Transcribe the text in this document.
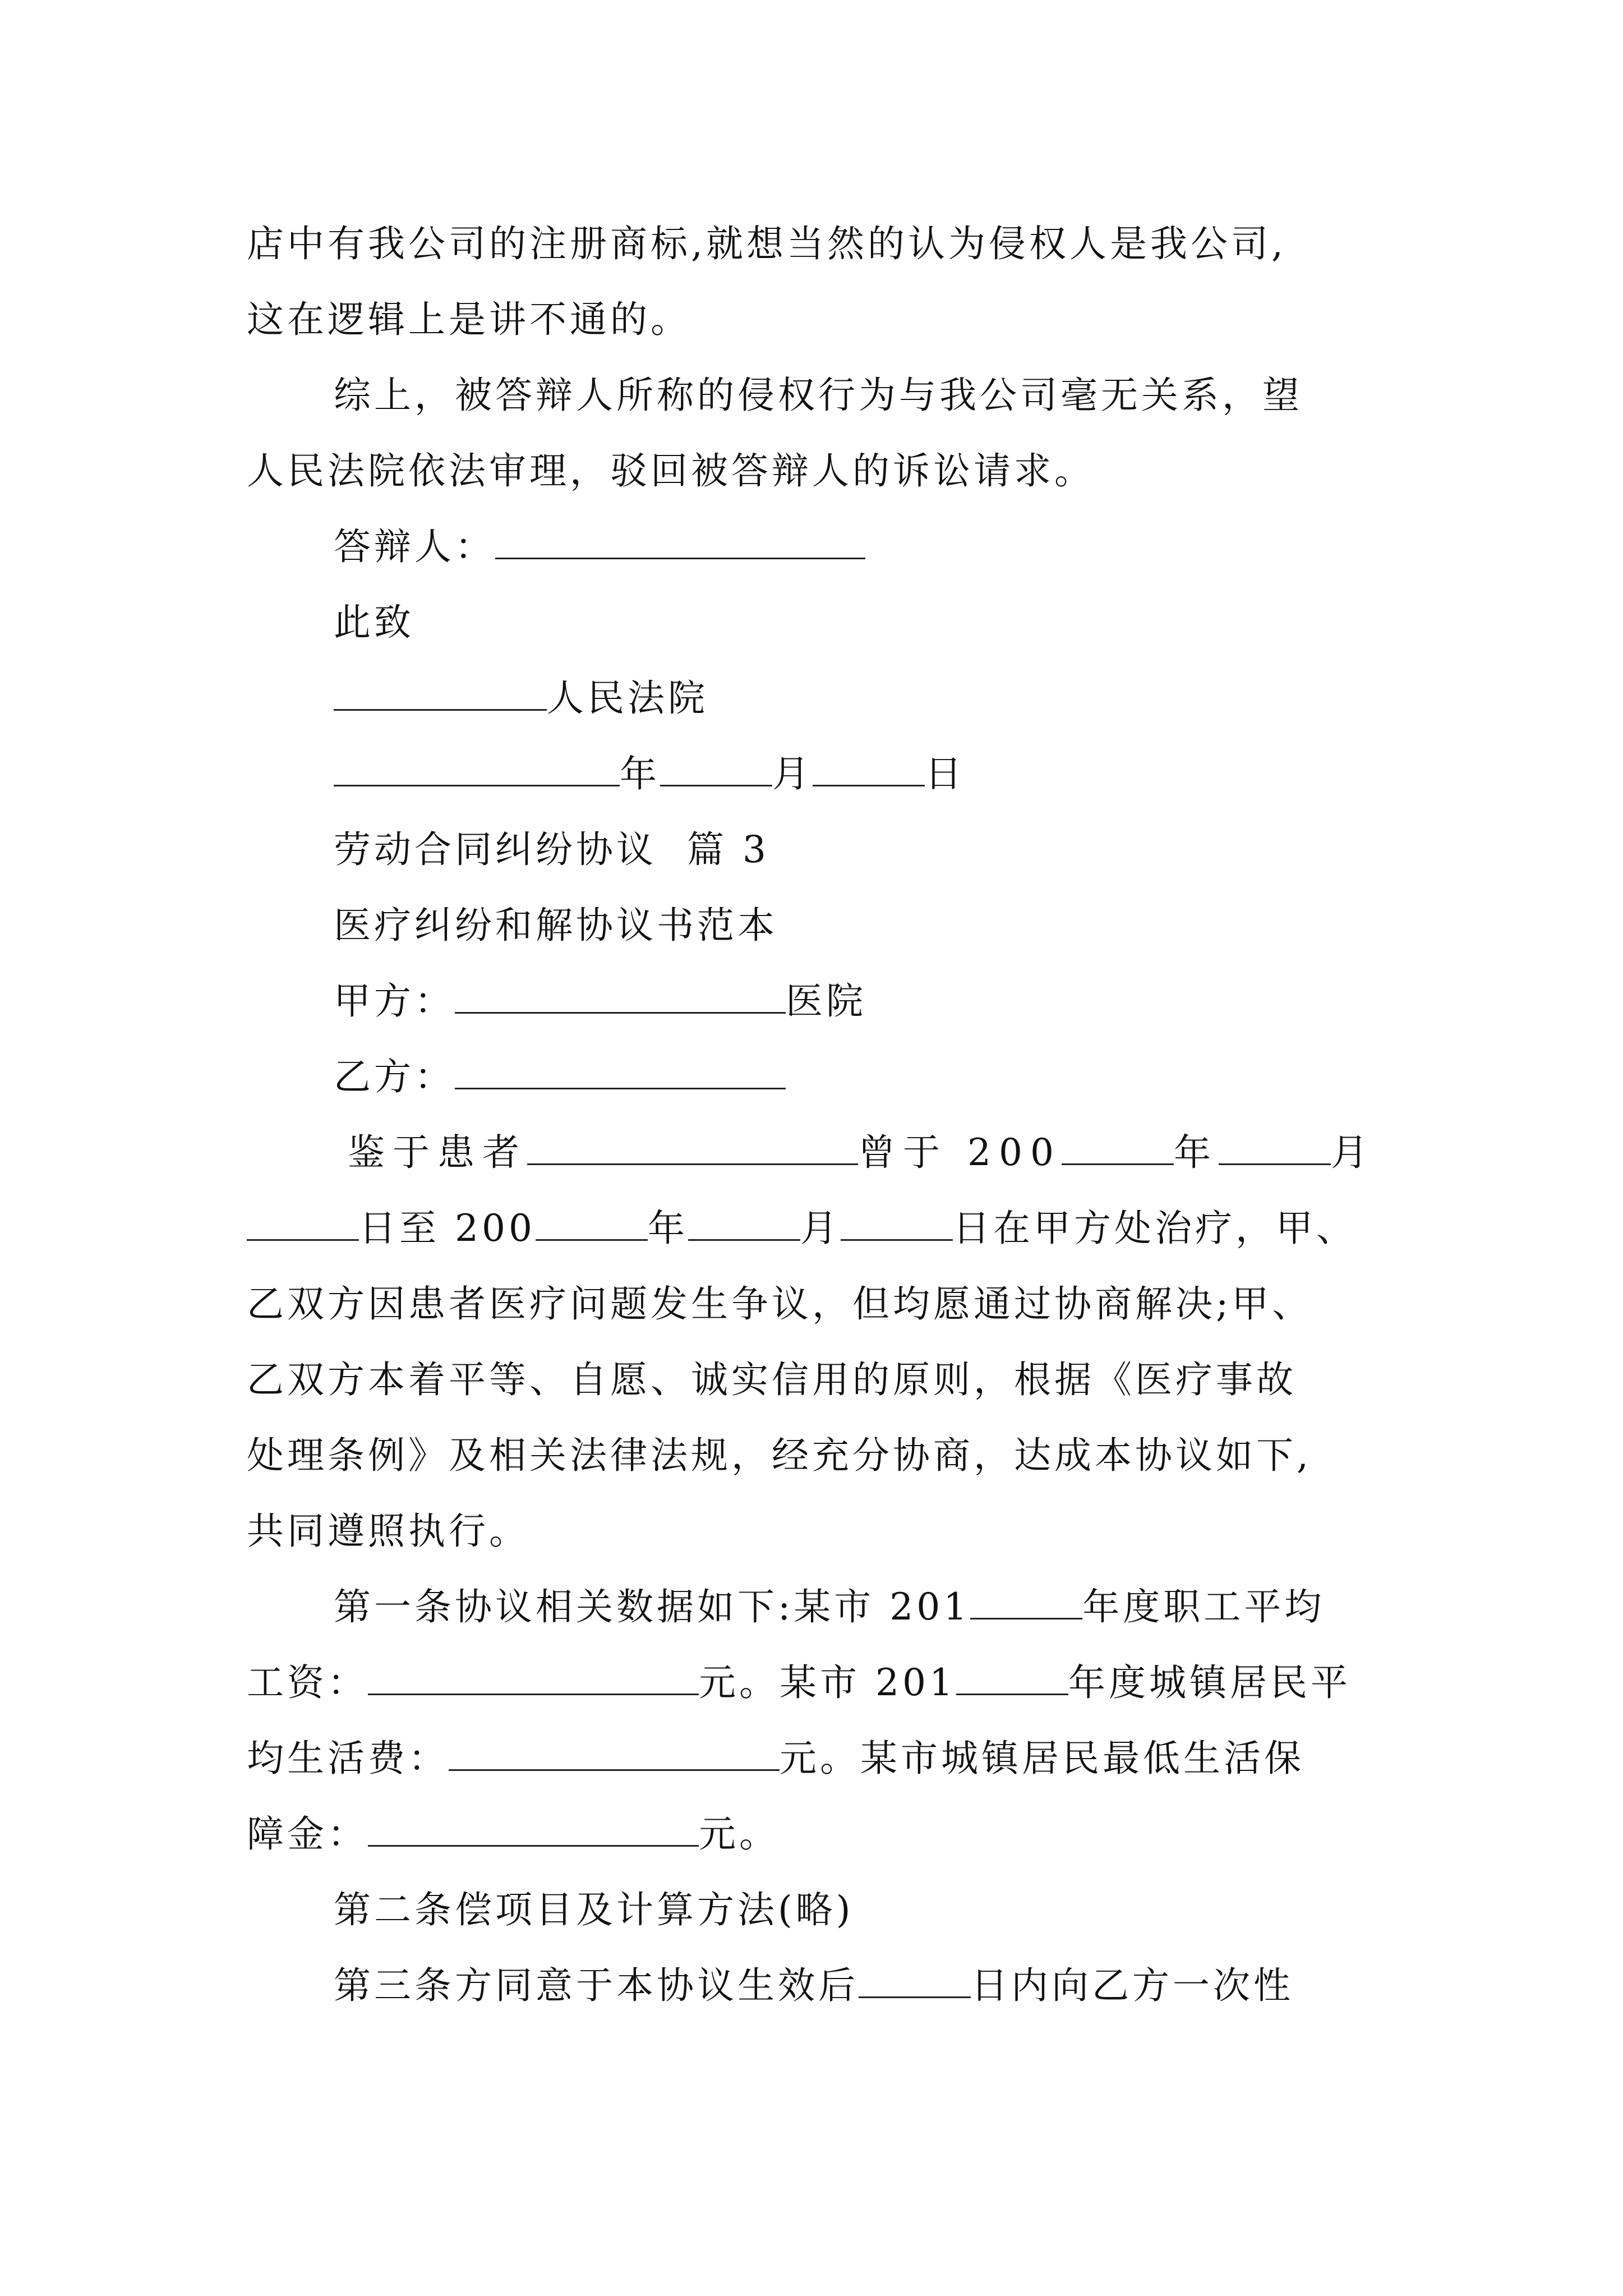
店中有我公司的注册商标,就想当然的认为侵权人是我公司,
这在逻辑上是讲不通的。
综上，被答辩人所称的侵权行为与我公司毫无关系，望
人民法院依法审理，驳回被答辩人的诉讼请求。
答辩人：
此致
人民法院
年	月	日
劳动合同纠纷协议  篇 3
医疗纠纷和解协议书范本
甲方：	医院
乙方：
鉴于患者	曾于 200	年	月
日至 200	年	月	日在甲方处治疗，甲、
乙双方因患者医疗问题发生争议，但均愿通过协商解决;甲、
乙双方本着平等、自愿、诚实信用的原则，根据《医疗事故
处理条例》及相关法律法规，经充分协商，达成本协议如下,
共同遵照执行。
第一条协议相关数据如下:某市 201	年度职工平均
工资：	元。某市 201	年度城镇居民平
均生活费：	元。某市城镇居民最低生活保
障金：	元。
第二条偿项目及计算方法(略)
第三条方同意于本协议生效后	日内向乙方一次性
